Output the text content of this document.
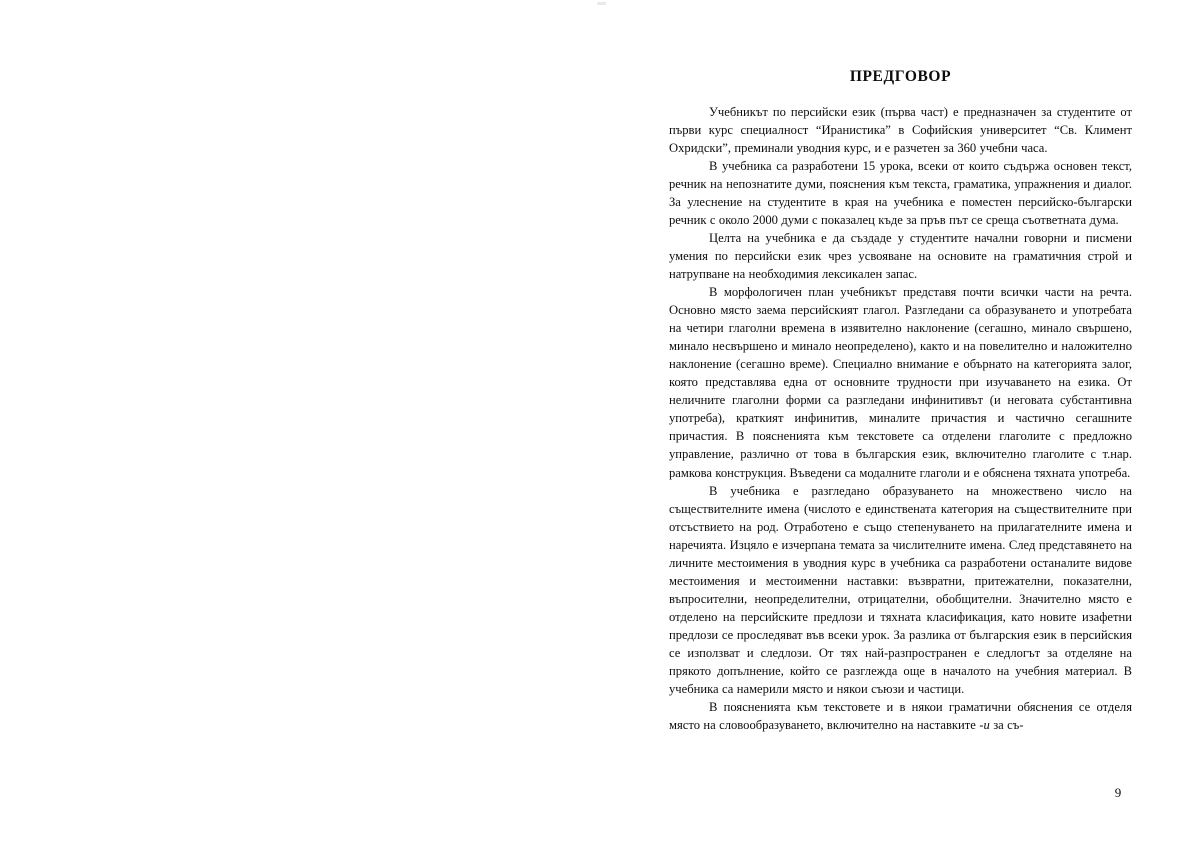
ПРЕДГОВОР

Учебникът по персийски език (първа част) е предназначен за студентите от първи курс специалност “Иранистика” в Софийския университет “Св. Климент Охридски”, преминали уводния курс, и е разчетен за 360 учебни часа.

В учебника са разработени 15 урока, всеки от които съдържа основен текст, речник на непознатите думи, пояснения към текста, граматика, упражнения и диалог. За улеснение на студентите в края на учебника е поместен персийско-български речник с около 2000 думи с показалец къде за пръв път се среща съответната дума.

Целта на учебника е да създаде у студентите начални говорни и писмени умения по персийски език чрез усвояване на основите на граматичния строй и натрупване на необходимия лексикален запас.

В морфологичен план учебникът представя почти всички части на речта. Основно място заема персийският глагол. Разгледани са образуването и употребата на четири глаголни времена в изявително наклонение (сегашно, минало свършено, минало несвършено и минало неопределено), както и на повелително и наложително наклонение (сегашно време). Специално внимание е обърнато на категорията залог, която представлява една от основните трудности при изучаването на езика. От неличните глаголни форми са разгледани инфинитивът (и неговата субстантивна употреба), краткият инфинитив, миналите причастия и частично сегашните причастия. В поясненията към текстовете са отделени глаголите с предложно управление, различно от това в българския език, включително глаголите с т.нар. рамкова конструкция. Въведени са модалните глаголи и е обяснена тяхната употреба.

В учебника е разгледано образуването на множествено число на съществителните имена (числото е единствената категория на съществителните при отсъствието на род. Отработено е също степенуването на прилагателните имена и наречията. Изцяло е изчерпана темата за числителните имена. След представянето на личните местоимения в уводния курс в учебника са разработени останалите видове местоимения и местоименни наставки: възвратни, притежателни, показателни, въпросителни, неопределителни, отрицателни, обобщителни. Значително място е отделено на персийските предлози и тяхната класификация, като новите изафетни предлози се проследяват във всеки урок. За разлика от българския език в персийския се използват и следлози. От тях най-разпространен е следлогът за отделяне на прякото допълнение, който се разглежда още в началото на учебния материал. В учебника са намерили място и някои съюзи и частици.

В поясненията към текстовете и в някои граматични обяснения се отделя място на словообразуването, включително на наставките -и за съ-

9
